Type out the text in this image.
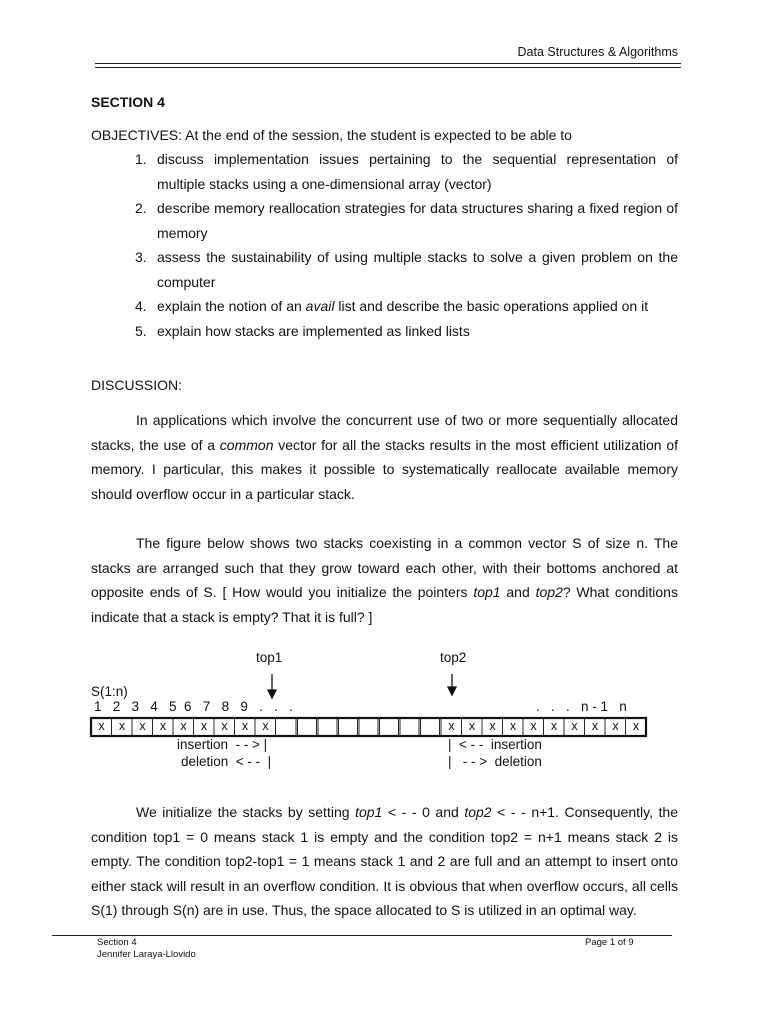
Data Structures & Algorithms
SECTION 4
OBJECTIVES: At the end of the session, the student is expected to be able to
1. discuss implementation issues pertaining to the sequential representation of multiple stacks using a one-dimensional array (vector)
2. describe memory reallocation strategies for data structures sharing a fixed region of memory
3. assess the sustainability of using multiple stacks to solve a given problem on the computer
4. explain the notion of an avail list and describe the basic operations applied on it
5. explain how stacks are implemented as linked lists
DISCUSSION:
In applications which involve the concurrent use of two or more sequentially allocated stacks, the use of a common vector for all the stacks results in the most efficient utilization of memory. I particular, this makes it possible to systematically reallocate available memory should overflow occur in a particular stack.
The figure below shows two stacks coexisting in a common vector S of size n. The stacks are arranged such that they grow toward each other, with their bottoms anchored at opposite ends of S. [ How would you initialize the pointers top1 and top2? What conditions indicate that a stack is empty? That it is full? ]
top1	top2
S(1:n)
1   2   3   4   5  6   7   8   9   .   .   .	.   .   .   n - 1   n
x	x	x	x	x	x	x	x	x	x
x
x
x
x
x
x
x
x
x
insertion  - - > |
deletion  < - -  |
|  < - -  insertion
|   - - >  deletion
We initialize the stacks by setting top1 < - - 0 and top2 < - - n+1. Consequently, the condition top1 = 0 means stack 1 is empty and the condition top2 = n+1 means stack 2 is empty. The condition top2-top1 = 1 means stack 1 and 2 are full and an attempt to insert onto either stack will result in an overflow condition. It is obvious that when overflow occurs, all cells S(1) through S(n) are in use. Thus, the space allocated to S is utilized in an optimal way.
Section 4
Jennifer Laraya-Llovido
Page 1 of 9
